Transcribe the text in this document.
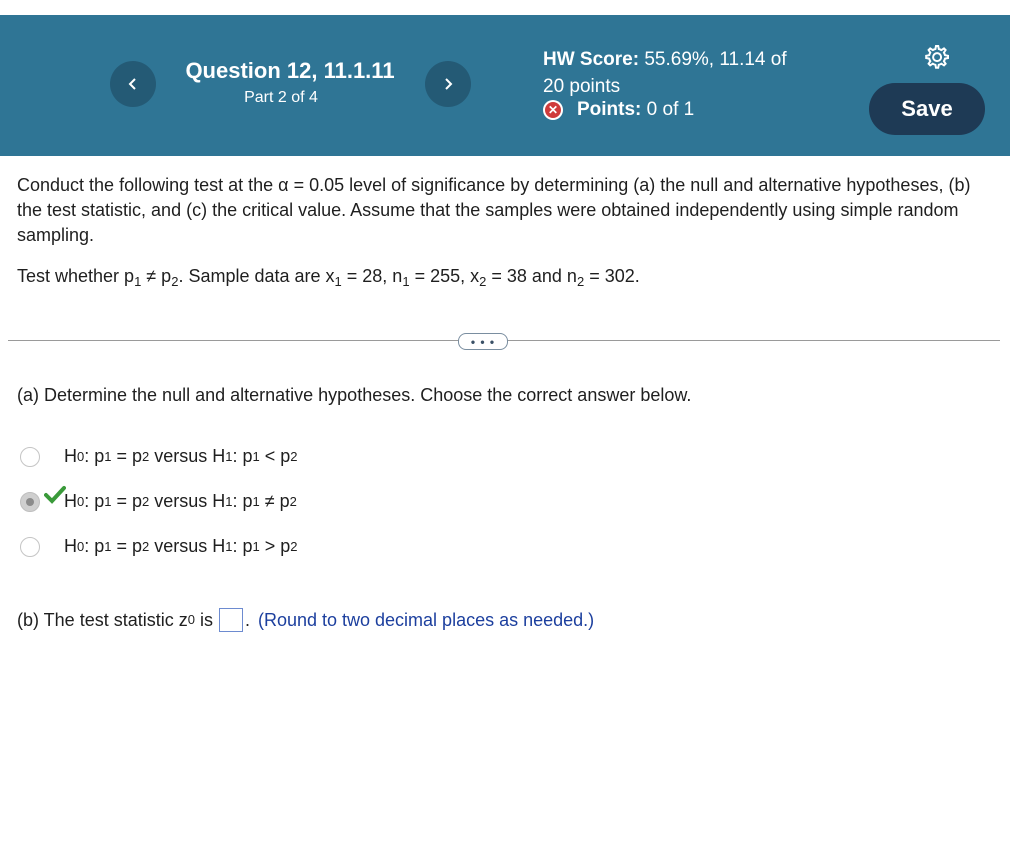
Question 12, 11.1.11
Part 2 of 4
HW Score: 55.69%, 11.14 of
20 points
✕ Points: 0 of 1	Save
Conduct the following test at the α = 0.05 level of significance by determining (a) the null and alternative hypotheses, (b) the test statistic, and (c) the critical value. Assume that the samples were obtained independently using simple random sampling.
Test whether $p_1 \ne p_2$. Sample data are $x_1 = 28$, $n_1 = 255$, $x_2 = 38$ and $n_2 = 302$.
• • •
(a) Determine the null and alternative hypotheses. Choose the correct answer below.
H 0 : p 1 = p 2 versus H 1 : p 1 < p 2
H 0 : p 1 = p 2 versus H 1 : p 1 ≠ p 2
H 0 : p 1 = p 2 versus H 1 : p 1 > p 2
(b) The test statistic z 0 is . (Round to two decimal places as needed.)
